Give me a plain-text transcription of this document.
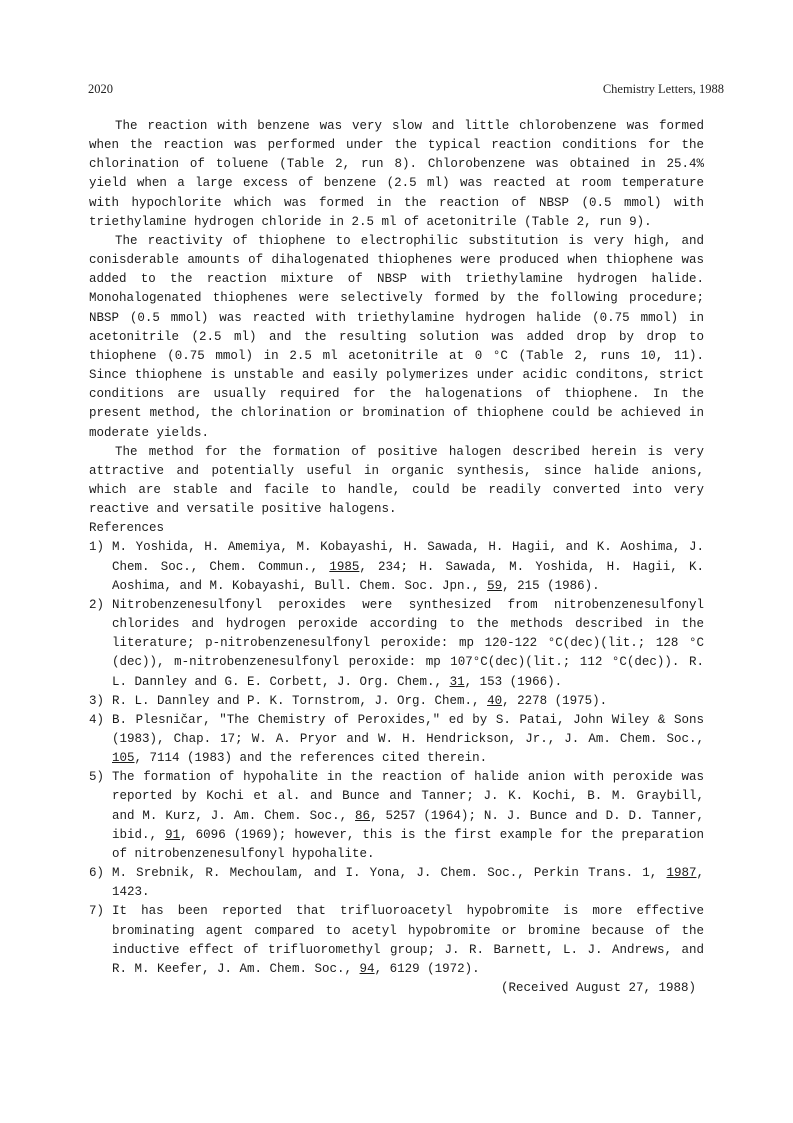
2020	Chemistry Letters, 1988

The reaction with benzene was very slow and little chlorobenzene was formed when the reaction was performed under the typical reaction conditions for the chlorination of toluene (Table 2, run 8). Chlorobenzene was obtained in 25.4% yield when a large excess of benzene (2.5 ml) was reacted at room temperature with hypochlorite which was formed in the reaction of NBSP (0.5 mmol) with triethylamine hydrogen chloride in 2.5 ml of acetonitrile (Table 2, run 9).

The reactivity of thiophene to electrophilic substitution is very high, and conisderable amounts of dihalogenated thiophenes were produced when thiophene was added to the reaction mixture of NBSP with triethylamine hydrogen halide. Monohalogenated thiophenes were selectively formed by the following procedure; NBSP (0.5 mmol) was reacted with triethylamine hydrogen halide (0.75 mmol) in acetonitrile (2.5 ml) and the resulting solution was added drop by drop to thiophene (0.75 mmol) in 2.5 ml acetonitrile at 0 °C (Table 2, runs 10, 11). Since thiophene is unstable and easily polymerizes under acidic conditons, strict conditions are usually required for the halogenations of thiophene. In the present method, the chlorination or bromination of thiophene could be achieved in moderate yields.

The method for the formation of positive halogen described herein is very attractive and potentially useful in organic synthesis, since halide anions, which are stable and facile to handle, could be readily converted into very reactive and versatile positive halogens.

References

1) M. Yoshida, H. Amemiya, M. Kobayashi, H. Sawada, H. Hagii, and K. Aoshima, J. Chem. Soc., Chem. Commun., 1985, 234; H. Sawada, M. Yoshida, H. Hagii, K. Aoshima, and M. Kobayashi, Bull. Chem. Soc. Jpn., 59, 215 (1986).

2) Nitrobenzenesulfonyl peroxides were synthesized from nitrobenzenesulfonyl chlorides and hydrogen peroxide according to the methods described in the literature; p-nitrobenzenesulfonyl peroxide: mp 120-122 °C(dec)(lit.; 128 °C (dec)), m-nitrobenzenesulfonyl peroxide: mp 107°C(dec)(lit.; 112 °C(dec)). R. L. Dannley and G. E. Corbett, J. Org. Chem., 31, 153 (1966).

3) R. L. Dannley and P. K. Tornstrom, J. Org. Chem., 40, 2278 (1975).

4) B. Plesničar, "The Chemistry of Peroxides," ed by S. Patai, John Wiley & Sons (1983), Chap. 17; W. A. Pryor and W. H. Hendrickson, Jr., J. Am. Chem. Soc., 105, 7114 (1983) and the references cited therein.

5) The formation of hypohalite in the reaction of halide anion with peroxide was reported by Kochi et al. and Bunce and Tanner; J. K. Kochi, B. M. Graybill, and M. Kurz, J. Am. Chem. Soc., 86, 5257 (1964); N. J. Bunce and D. D. Tanner, ibid., 91, 6096 (1969); however, this is the first example for the preparation of nitrobenzenesulfonyl hypohalite.

6) M. Srebnik, R. Mechoulam, and I. Yona, J. Chem. Soc., Perkin Trans. 1, 1987, 1423.

7) It has been reported that trifluoroacetyl hypobromite is more effective brominating agent compared to acetyl hypobromite or bromine because of the inductive effect of trifluoromethyl group; J. R. Barnett, L. J. Andrews, and R. M. Keefer, J. Am. Chem. Soc., 94, 6129 (1972).

(Received August 27, 1988)
